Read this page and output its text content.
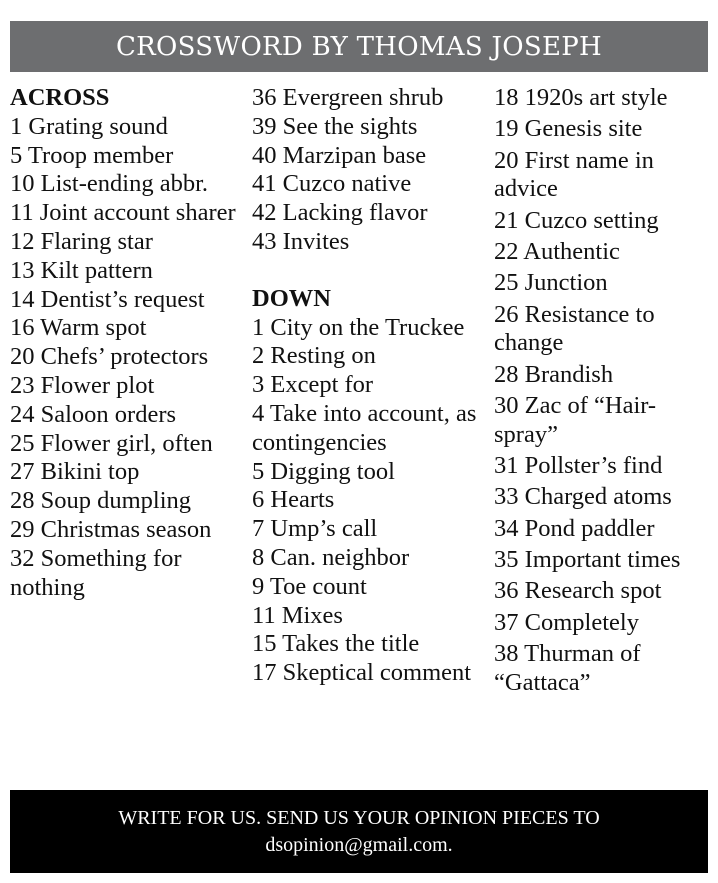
CROSSWORD BY THOMAS JOSEPH
ACROSS
1 Grating sound
5 Troop member
10 List-ending abbr.
11 Joint account sharer
12 Flaring star
13 Kilt pattern
14 Dentist’s request
16 Warm spot
20 Chefs’ protectors
23 Flower plot
24 Saloon orders
25 Flower girl, often
27 Bikini top
28 Soup dumpling
29 Christmas season
32 Something for nothing
36 Evergreen shrub
39 See the sights
40 Marzipan base
41 Cuzco native
42 Lacking flavor
43 Invites
DOWN
1 City on the Truckee
2 Resting on
3 Except for
4 Take into account, as contingencies
5 Digging tool
6 Hearts
7 Ump’s call
8 Can. neighbor
9 Toe count
11 Mixes
15 Takes the title
17 Skeptical comment
18 1920s art style
19 Genesis site
20 First name in advice
21 Cuzco setting
22 Authentic
25 Junction
26 Resistance to change
28 Brandish
30 Zac of “Hair-spray”
31 Pollster’s find
33 Charged atoms
34 Pond paddler
35 Important times
36 Research spot
37 Completely
38 Thurman of “Gattaca”
WRITE FOR US. SEND US YOUR OPINION PIECES TO
dsopinion@gmail.com.
